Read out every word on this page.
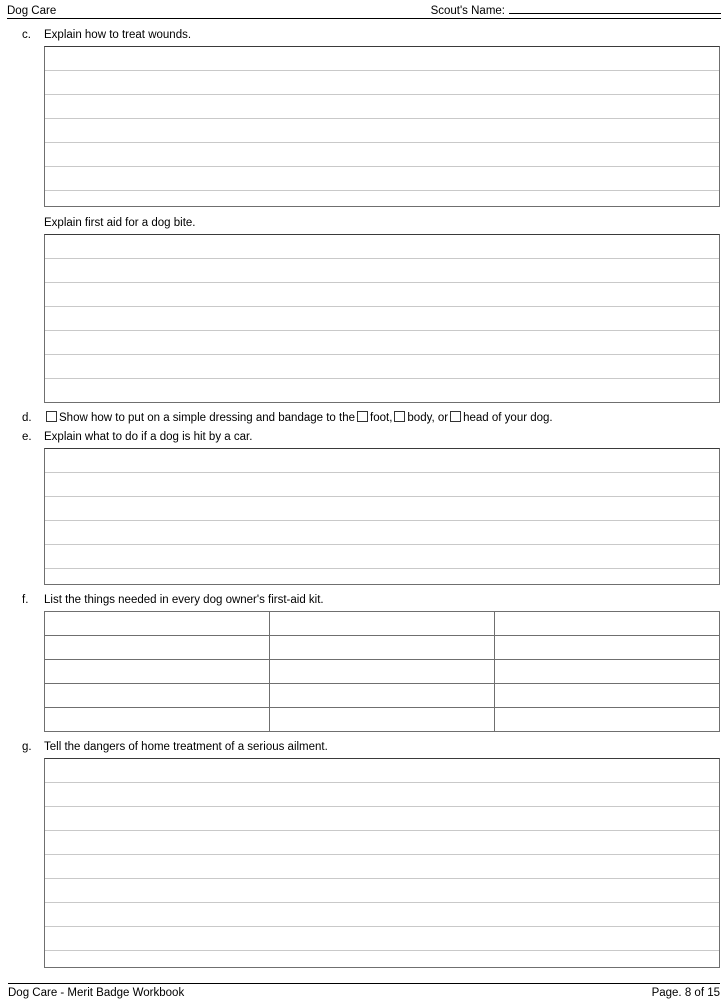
Dog Care	Scout's Name:
c.	Explain how to treat wounds.
Explain first aid for a dog bite.
d.	Show how to put on a simple dressing and bandage to the foot, body, or head of your dog.
e.	Explain what to do if a dog is hit by a car.
f.	List the things needed in every dog owner's first-aid kit.

g.	Tell the dangers of home treatment of a serious ailment.
Dog Care - Merit Badge Workbook	Page. 8 of 15
